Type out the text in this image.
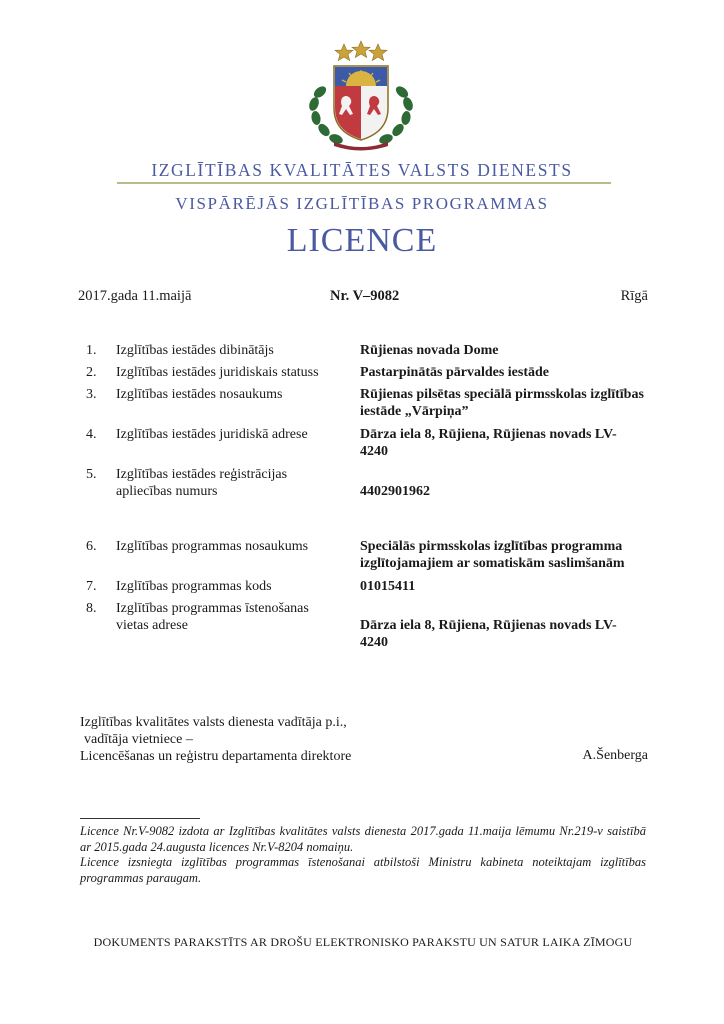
IZGLĪTĪBAS KVALITĀTES VALSTS DIENESTS
VISPĀRĒJĀS IZGLĪTĪBAS PROGRAMMAS
LICENCE
2017.gada 11.maijā	Nr. V–9082	Rīgā
1. Izglītības iestādes dibinātājs	Rūjienas novada Dome
2. Izglītības iestādes juridiskais statuss	Pastarpinātās pārvaldes iestāde
3. Izglītības iestādes nosaukums	Rūjienas pilsētas speciālā pirmsskolas izglītības iestāde „Vārpiņa”
4. Izglītības iestādes juridiskā adrese	Dārza iela 8, Rūjiena, Rūjienas novads LV-4240
5. Izglītības iestādes reģistrācijas apliecības numurs	4402901962
6. Izglītības programmas nosaukums	Speciālās pirmsskolas izglītības programma izglītojamajiem ar somatiskām saslimšanām
7. Izglītības programmas kods	01015411
8. Izglītības programmas īstenošanas vietas adrese	Dārza iela 8, Rūjiena, Rūjienas novads LV-4240
Izglītības kvalitātes valsts dienesta vadītāja p.i.,
vadītāja vietniece –
Licencēšanas un reģistru departamenta direktore	A.Šenberga

Licence Nr.V-9082 izdota ar Izglītības kvalitātes valsts dienesta 2017.gada 11.maija lēmumu Nr.219-v saistībā ar 2015.gada 24.augusta licences Nr.V-8204 nomaiņu.

Licence izsniegta izglītības programmas īstenošanai atbilstoši Ministru kabineta noteiktajam izglītības programmas paraugam.

DOKUMENTS PARAKSTĪTS AR DROŠU ELEKTRONISKO PARAKSTU UN SATUR LAIKA ZĪMOGU
